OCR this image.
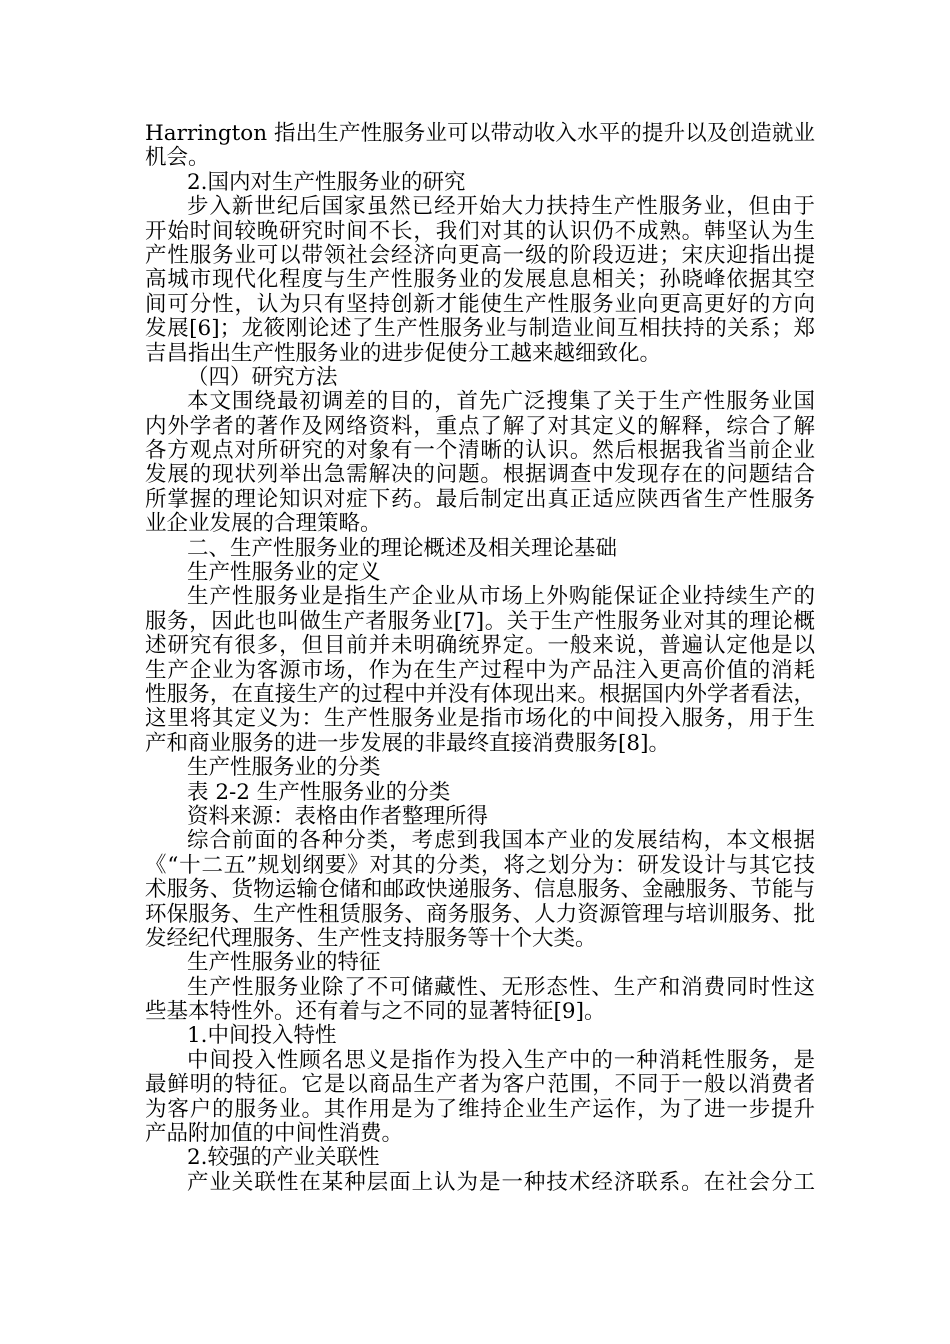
Harrington 指出生产性服务业可以带动收入水平的提升以及创造就业
机会。
2.国内对生产性服务业的研究
步入新世纪后国家虽然已经开始大力扶持生产性服务业，但由于
开始时间较晚研究时间不长，我们对其的认识仍不成熟。韩坚认为生
产性服务业可以带领社会经济向更高一级的阶段迈进；宋庆迎指出提
高城市现代化程度与生产性服务业的发展息息相关；孙晓峰依据其空
间可分性，认为只有坚持创新才能使生产性服务业向更高更好的方向
发展[6]；龙筱刚论述了生产性服务业与制造业间互相扶持的关系；郑
吉昌指出生产性服务业的进步促使分工越来越细致化。
（四）研究方法
本文围绕最初调差的目的，首先广泛搜集了关于生产性服务业国
内外学者的著作及网络资料，重点了解了对其定义的解释，综合了解
各方观点对所研究的对象有一个清晰的认识。然后根据我省当前企业
发展的现状列举出急需解决的问题。根据调查中发现存在的问题结合
所掌握的理论知识对症下药。最后制定出真正适应陕西省生产性服务
业企业发展的合理策略。
二、生产性服务业的理论概述及相关理论基础
生产性服务业的定义
生产性服务业是指生产企业从市场上外购能保证企业持续生产的
服务，因此也叫做生产者服务业[7]。关于生产性服务业对其的理论概
述研究有很多，但目前并未明确统界定。一般来说，普遍认定他是以
生产企业为客源市场，作为在生产过程中为产品注入更高价值的消耗
性服务，在直接生产的过程中并没有体现出来。根据国内外学者看法，
这里将其定义为：生产性服务业是指市场化的中间投入服务，用于生
产和商业服务的进一步发展的非最终直接消费服务[8]。
生产性服务业的分类
表 2-2 生产性服务业的分类
资料来源：表格由作者整理所得
综合前面的各种分类，考虑到我国本产业的发展结构，本文根据
《“十二五”规划纲要》对其的分类，将之划分为：研发设计与其它技
术服务、货物运输仓储和邮政快递服务、信息服务、金融服务、节能与
环保服务、生产性租赁服务、商务服务、人力资源管理与培训服务、批
发经纪代理服务、生产性支持服务等十个大类。
生产性服务业的特征
生产性服务业除了不可储藏性、无形态性、生产和消费同时性这
些基本特性外。还有着与之不同的显著特征[9]。
1.中间投入特性
中间投入性顾名思义是指作为投入生产中的一种消耗性服务，是
最鲜明的特征。它是以商品生产者为客户范围，不同于一般以消费者
为客户的服务业。其作用是为了维持企业生产运作，为了进一步提升
产品附加值的中间性消费。
2.较强的产业关联性
产业关联性在某种层面上认为是一种技术经济联系。在社会分工
